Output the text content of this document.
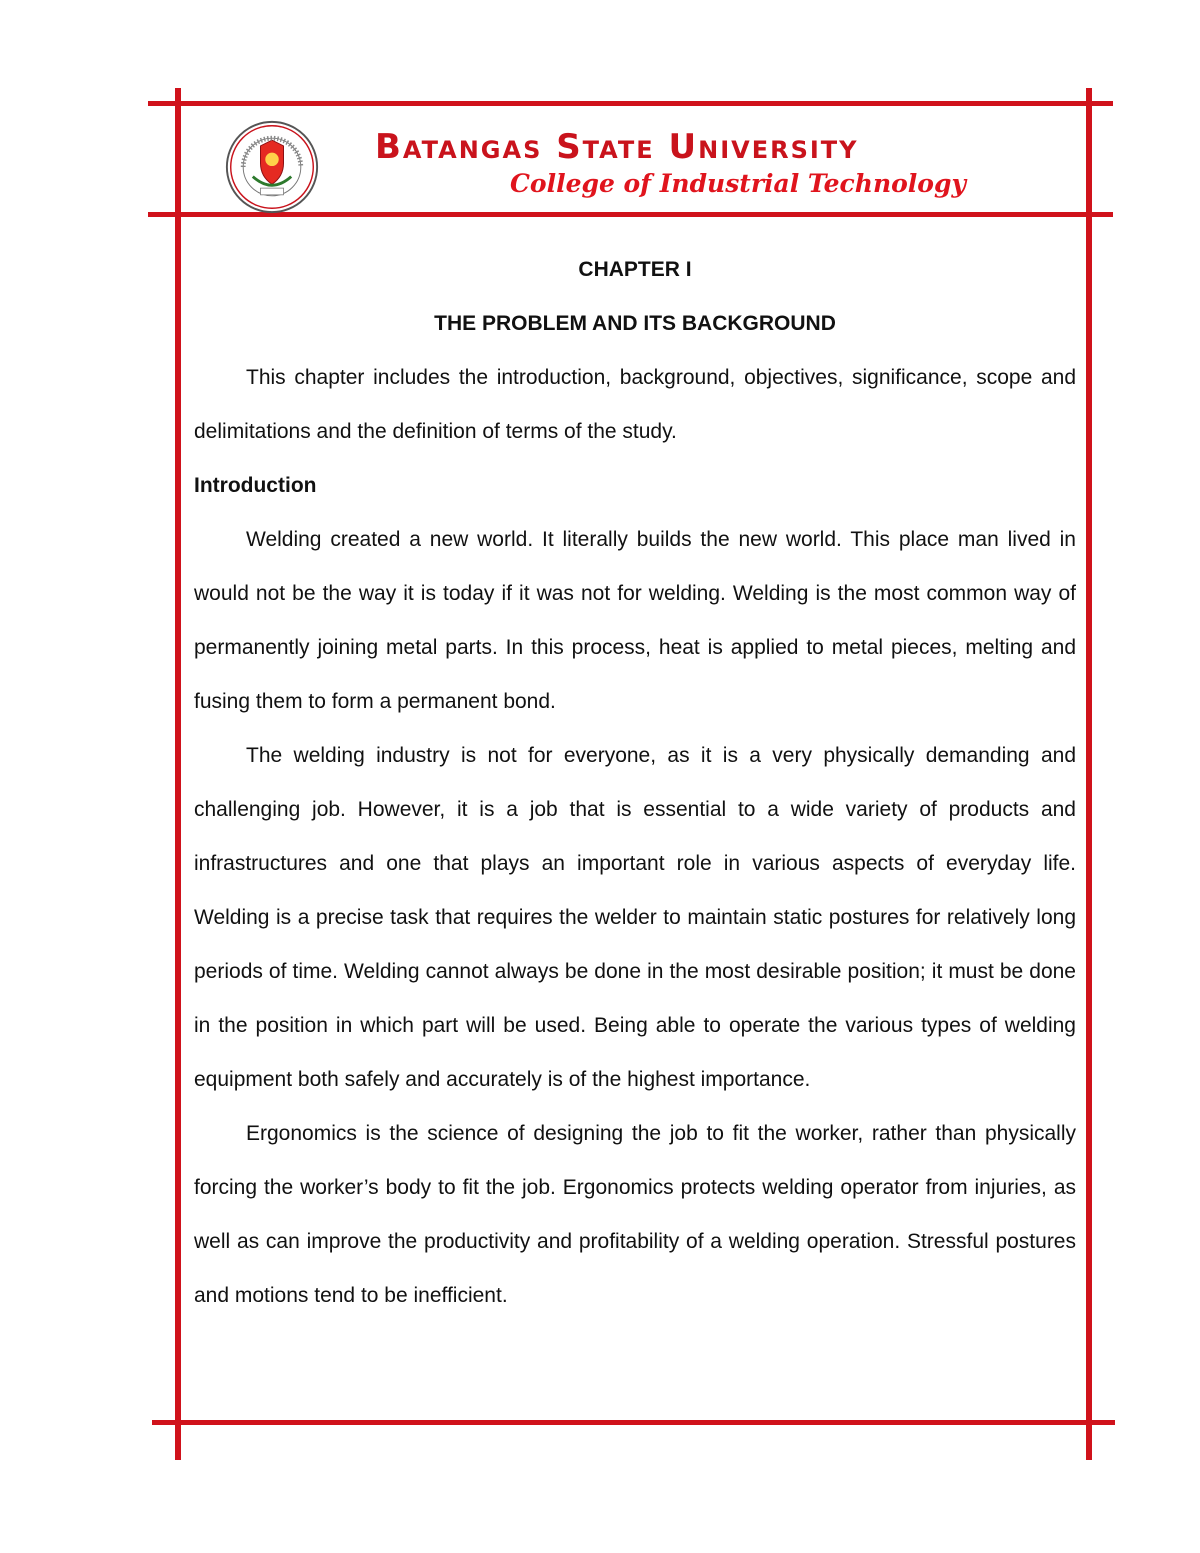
Batangas State University
College of Industrial Technology

CHAPTER I

THE PROBLEM AND ITS BACKGROUND

This chapter includes the introduction, background, objectives, significance, scope and delimitations and the definition of terms of the study.

Introduction

Welding created a new world. It literally builds the new world. This place man lived in would not be the way it is today if it was not for welding. Welding is the most common way of permanently joining metal parts. In this process, heat is applied to metal pieces, melting and fusing them to form a permanent bond.

The welding industry is not for everyone, as it is a very physically demanding and challenging job. However, it is a job that is essential to a wide variety of products and infrastructures and one that plays an important role in various aspects of everyday life. Welding is a precise task that requires the welder to maintain static postures for relatively long periods of time. Welding cannot always be done in the most desirable position; it must be done in the position in which part will be used. Being able to operate the various types of welding equipment both safely and accurately is of the highest importance.

Ergonomics is the science of designing the job to fit the worker, rather than physically forcing the worker’s body to fit the job. Ergonomics protects welding operator from injuries, as well as can improve the productivity and profitability of a welding operation. Stressful postures and motions tend to be inefficient.
